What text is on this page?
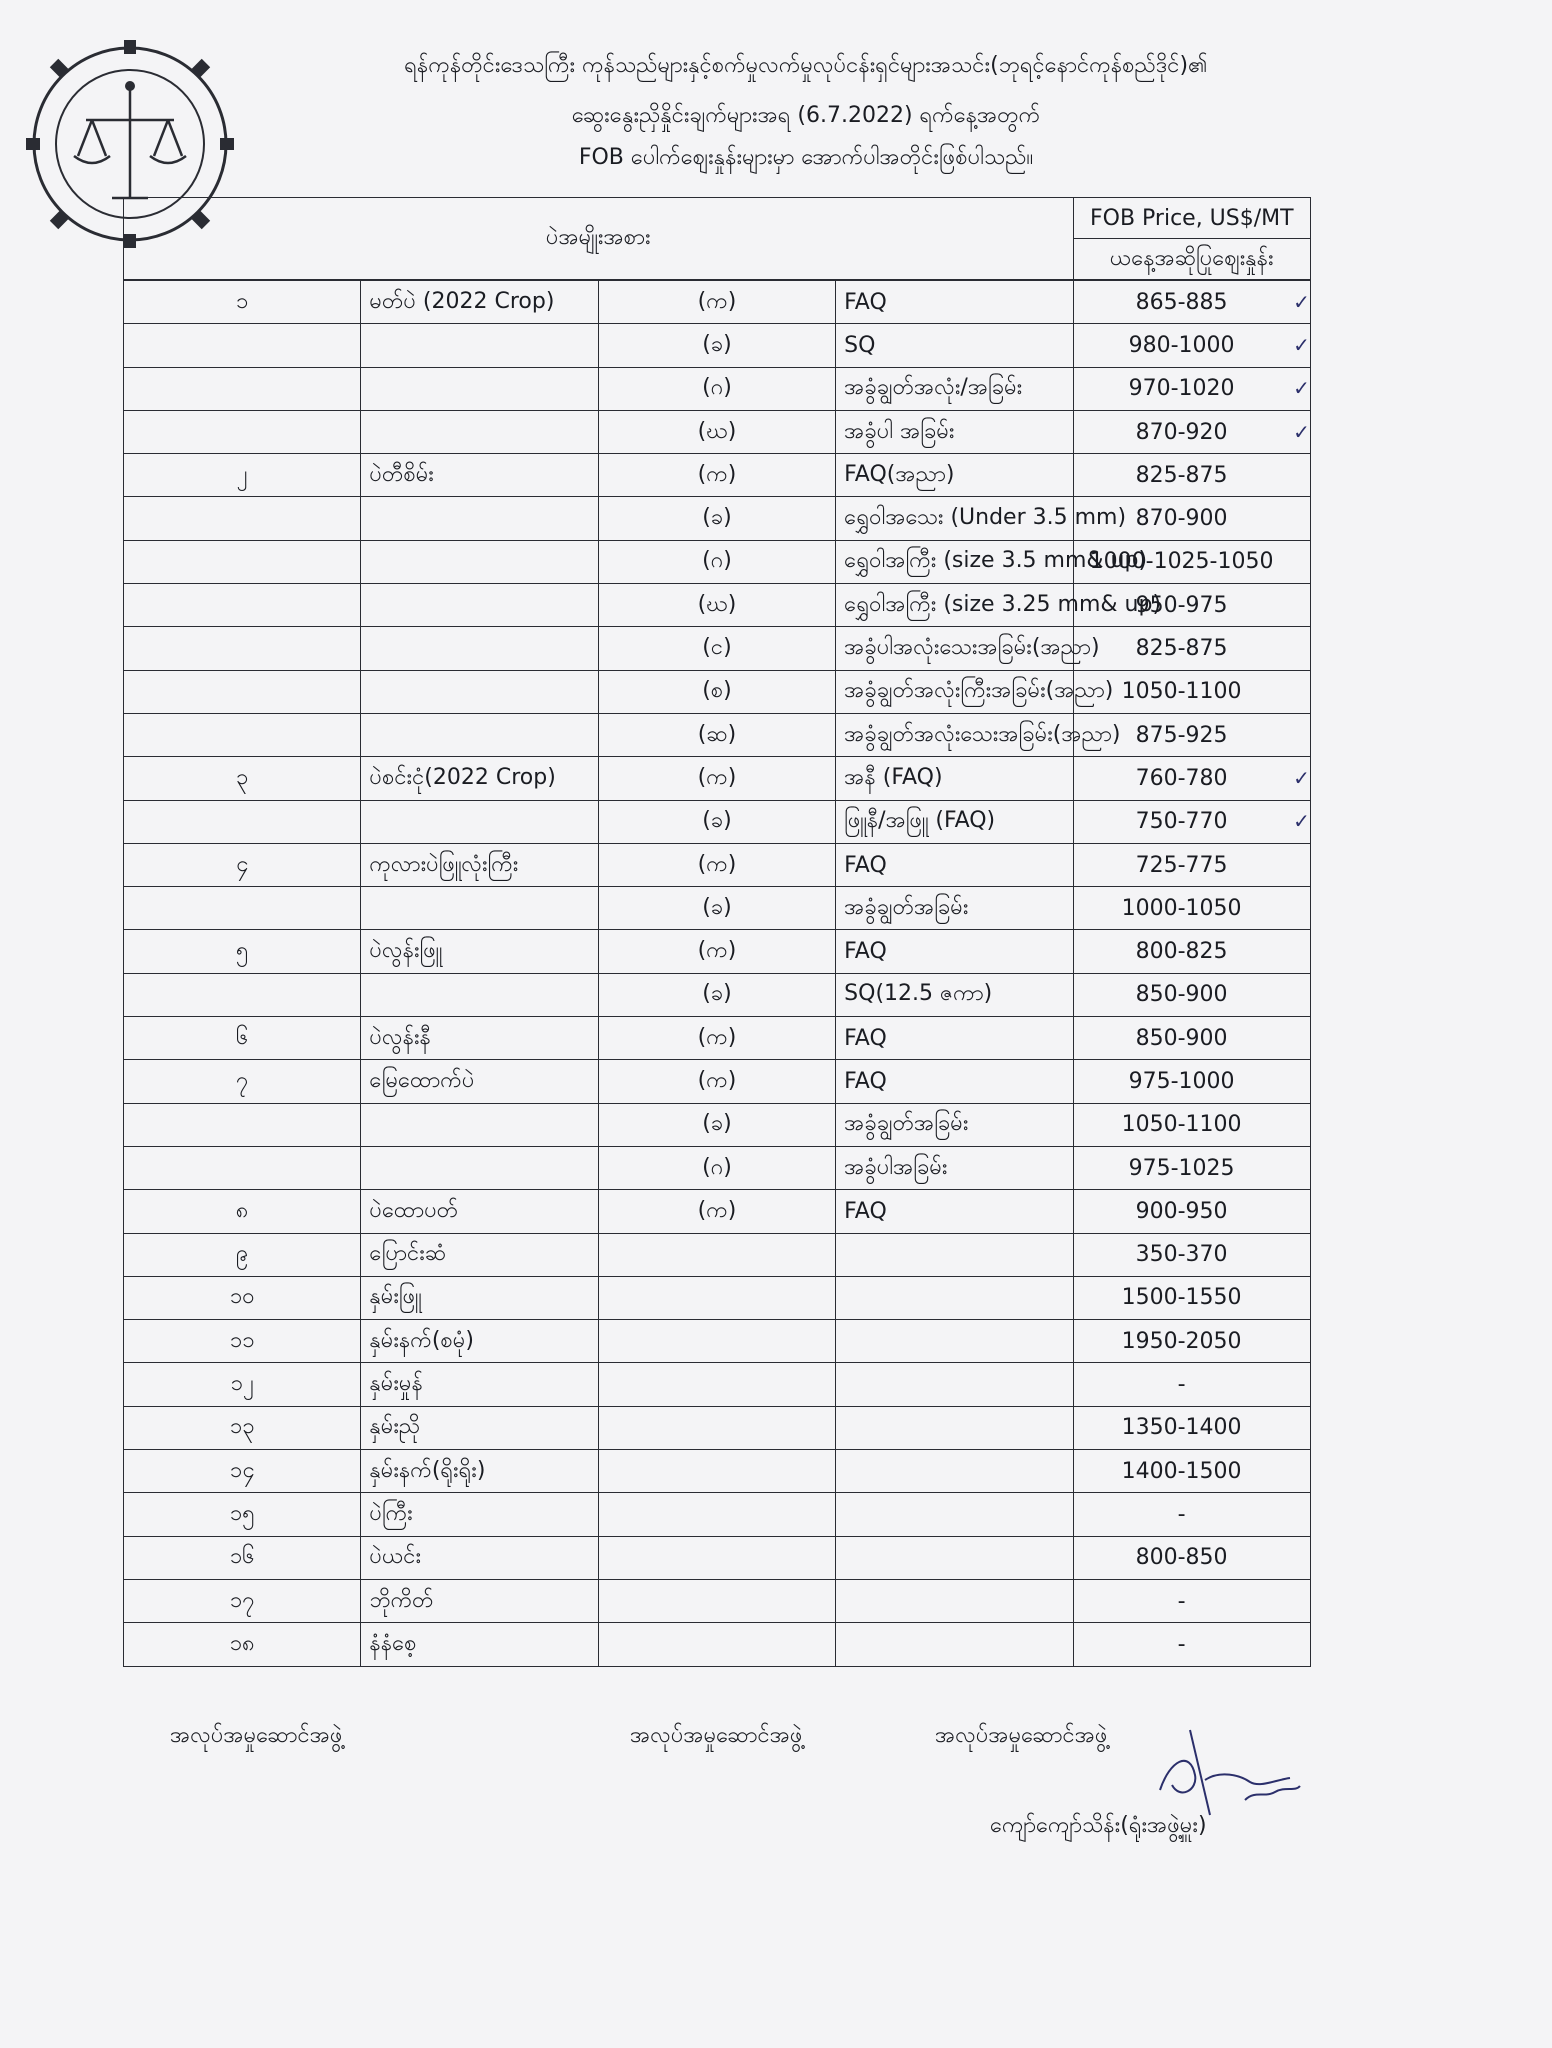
ရန်ကုန်တိုင်းဒေသကြီး ကုန်သည်များနှင့်စက်မှုလက်မှုလုပ်ငန်းရှင်များအသင်း(ဘုရင့်နောင်ကုန်စည်ဒိုင်)၏
ဆွေးနွေးညှိနှိုင်းချက်များအရ (6.7.2022) ရက်နေ့အတွက်
FOB ပေါက်ဈေးနှုန်းများမှာ အောက်ပါအတိုင်းဖြစ်ပါသည်။
ပဲအမျိုးအစား				FOB Price, US$/MT
				ယနေ့အဆိုပြုဈေးနှုန်း

၁	မတ်ပဲ (2022 Crop)	(က)	FAQ	865-885 ✓
		(ခ)	SQ	980-1000 ✓
		(ဂ)	အခွံချွတ်အလုံး/အခြမ်း	970-1020 ✓
		(ဃ)	အခွံပါ အခြမ်း	870-920 ✓
၂	ပဲတီစိမ်း	(က)	FAQ(အညာ)	825-875
		(ခ)	ရွှေဝါအသေး (Under 3.5 mm)	870-900
		(ဂ)	ရွှေဝါအကြီး (size 3.5 mm& up)	1000-1025-1050
		(ဃ)	ရွှေဝါအကြီး (size 3.25 mm& up)	950-975
		(င)	အခွံပါအလုံးသေးအခြမ်း(အညာ)	825-875
		(စ)	အခွံချွတ်အလုံးကြီးအခြမ်း(အညာ)	1050-1100
		(ဆ)	အခွံချွတ်အလုံးသေးအခြမ်း(အညာ)	875-925
၃	ပဲစင်းငုံ(2022 Crop)	(က)	အနီ (FAQ)	760-780 ✓
		(ခ)	ဖြူနီ/အဖြူ (FAQ)	750-770 ✓
၄	ကုလားပဲဖြူလုံးကြီး	(က)	FAQ	725-775
		(ခ)	အခွံချွတ်အခြမ်း	1000-1050
၅	ပဲလွန်းဖြူ	(က)	FAQ	800-825
		(ခ)	SQ(12.5 ဇကာ)	850-900
၆	ပဲလွန်းနီ	(က)	FAQ	850-900
၇	မြေထောက်ပဲ	(က)	FAQ	975-1000
		(ခ)	အခွံချွတ်အခြမ်း	1050-1100
		(ဂ)	အခွံပါအခြမ်း	975-1025
၈	ပဲထောပတ်	(က)	FAQ	900-950
၉	ပြောင်းဆံ			350-370
၁၀	နှမ်းဖြူ			1500-1550
၁၁	နှမ်းနက်(စမုံ)			1950-2050
၁၂	နှမ်းမှုန်			-
၁၃	နှမ်းညို			1350-1400
၁၄	နှမ်းနက်(ရိုးရိုး)			1400-1500
၁၅	ပဲကြီး			-
၁၆	ပဲယင်း			800-850
၁၇	ဘိုကိတ်			-
၁၈	နံနံစေ့			-
အလုပ်အမှုဆောင်အဖွဲ့	အလုပ်အမှုဆောင်အဖွဲ့	အလုပ်အမှုဆောင်အဖွဲ့
ကျော်ကျော်သိန်း(ရုံးအဖွဲ့မှူး)
